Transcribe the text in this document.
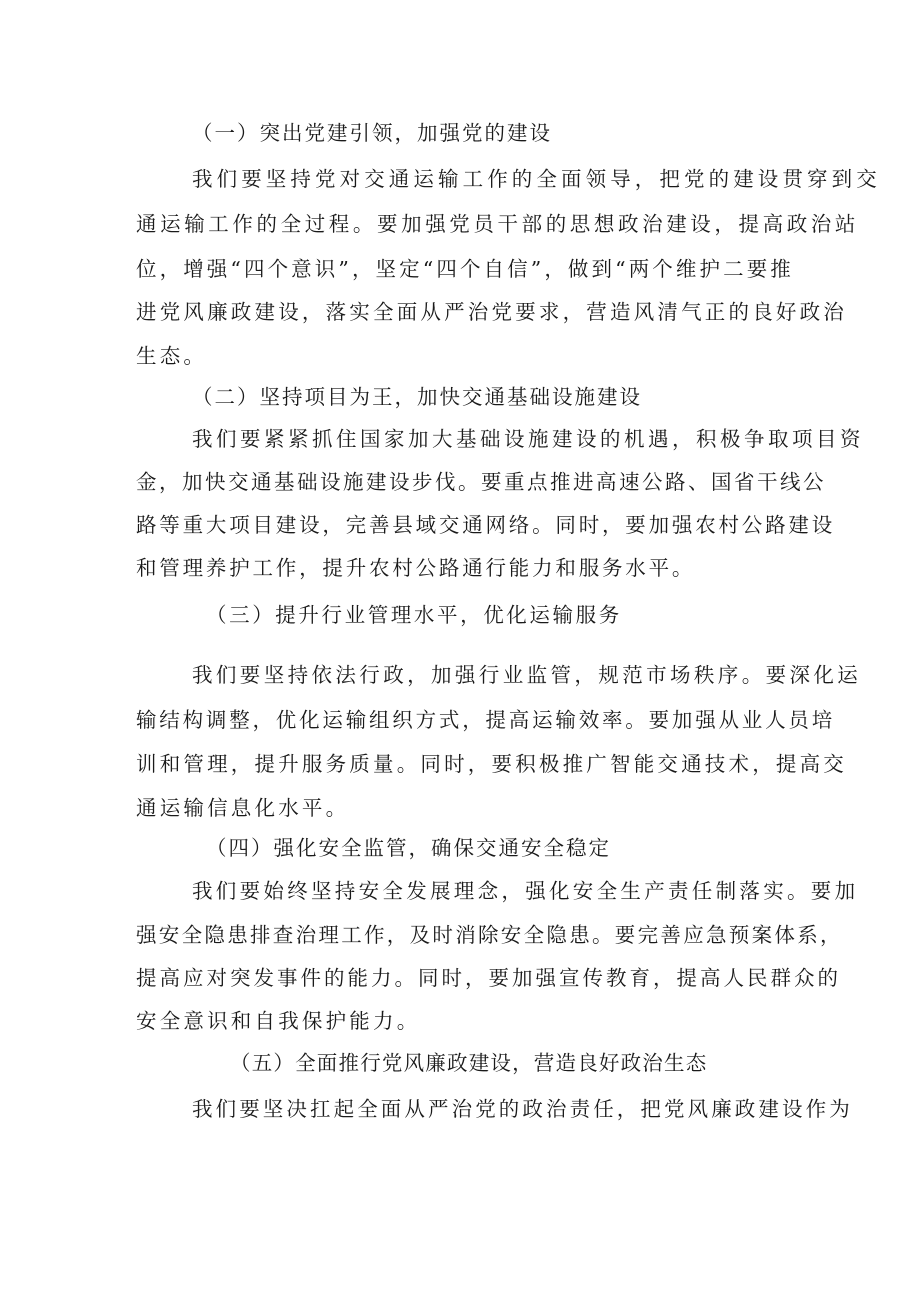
（一）突出党建引领，加强党的建设
我们要坚持党对交通运输工作的全面领导，把党的建设贯穿到交
通运输工作的全过程。要加强党员干部的思想政治建设，提高政治站
位，增强“四个意识”，坚定“四个自信”，做到“两个维护二要推
进党风廉政建设，落实全面从严治党要求，营造风清气正的良好政治
生态。
（二）坚持项目为王，加快交通基础设施建设
我们要紧紧抓住国家加大基础设施建设的机遇，积极争取项目资
金，加快交通基础设施建设步伐。要重点推进高速公路、国省干线公
路等重大项目建设，完善县域交通网络。同时，要加强农村公路建设
和管理养护工作，提升农村公路通行能力和服务水平。
（三）提升行业管理水平，优化运输服务
我们要坚持依法行政，加强行业监管，规范市场秩序。要深化运
输结构调整，优化运输组织方式，提高运输效率。要加强从业人员培
训和管理，提升服务质量。同时，要积极推广智能交通技术，提高交
通运输信息化水平。
（四）强化安全监管，确保交通安全稳定
我们要始终坚持安全发展理念，强化安全生产责任制落实。要加
强安全隐患排查治理工作，及时消除安全隐患。要完善应急预案体系，
提高应对突发事件的能力。同时，要加强宣传教育，提高人民群众的
安全意识和自我保护能力。
（五）全面推行党风廉政建设，营造良好政治生态
我们要坚决扛起全面从严治党的政治责任，把党风廉政建设作为
